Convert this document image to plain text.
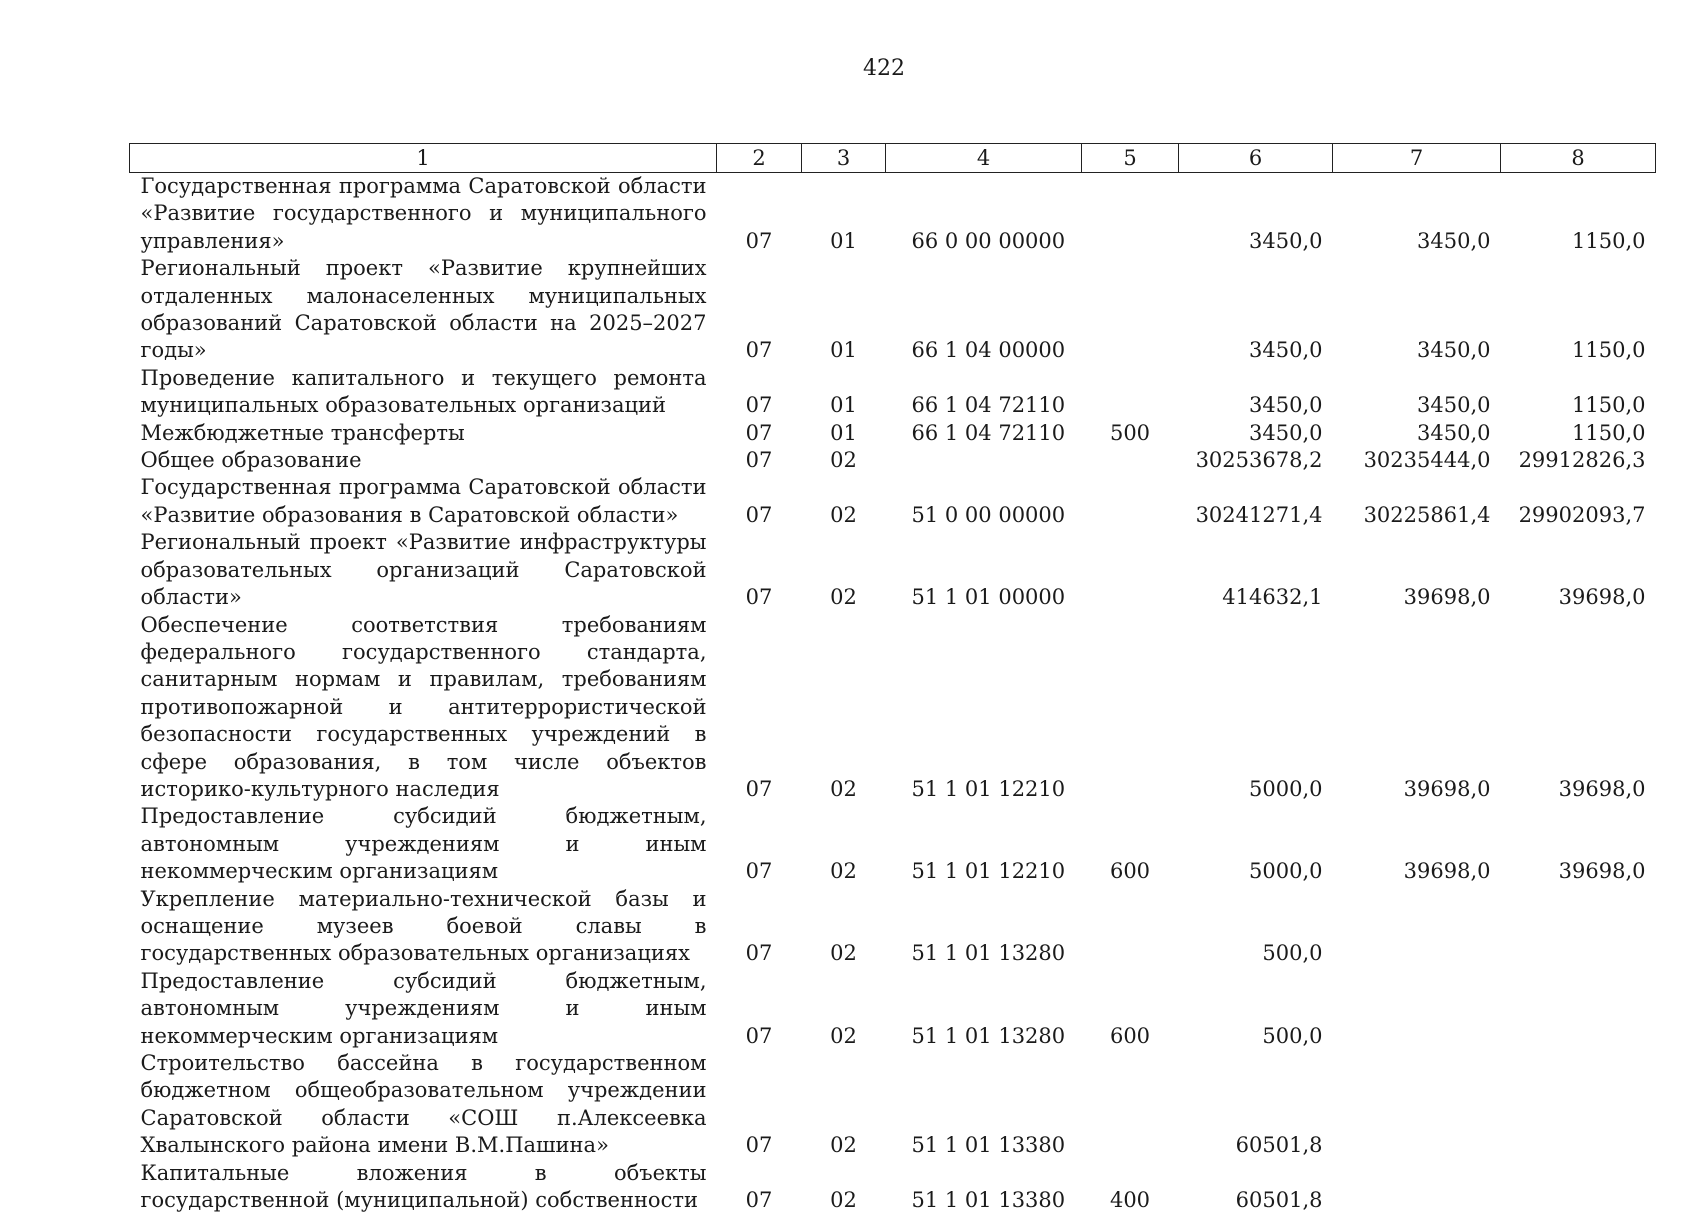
422
1	2	3	4	5	6	7	8
Государственная программа Саратовской области «Развитие государственного и муниципального управления»	07	01	66 0 00 00000		3450,0	3450,0	1150,0
Региональный проект «Развитие крупнейших отдаленных малонаселенных муниципальных образований Саратовской области на 2025–2027 годы»	07	01	66 1 04 00000		3450,0	3450,0	1150,0
Проведение капитального и текущего ремонта муниципальных образовательных организаций	07	01	66 1 04 72110		3450,0	3450,0	1150,0
Межбюджетные трансферты	07	01	66 1 04 72110	500	3450,0	3450,0	1150,0
Общее образование	07	02			30253678,2	30235444,0	29912826,3
Государственная программа Саратовской области «Развитие образования в Саратовской области»	07	02	51 0 00 00000		30241271,4	30225861,4	29902093,7
Региональный проект «Развитие инфраструктуры образовательных организаций Саратовской области»	07	02	51 1 01 00000		414632,1	39698,0	39698,0
Обеспечение соответствия требованиям федерального государственного стандарта, санитарным нормам и правилам, требованиям противопожарной и антитеррористической безопасности государственных учреждений в сфере образования, в том числе объектов историко-культурного наследия	07	02	51 1 01 12210		5000,0	39698,0	39698,0
Предоставление субсидий бюджетным, автономным учреждениям и иным некоммерческим организациям	07	02	51 1 01 12210	600	5000,0	39698,0	39698,0
Укрепление материально-технической базы и оснащение музеев боевой славы в государственных образовательных организациях	07	02	51 1 01 13280		500,0		
Предоставление субсидий бюджетным, автономным учреждениям и иным некоммерческим организациям	07	02	51 1 01 13280	600	500,0		
Строительство бассейна в государственном бюджетном общеобразовательном учреждении Саратовской области «СОШ п.Алексеевка Хвалынского района имени В.М.Пашина»	07	02	51 1 01 13380		60501,8		
Капитальные вложения в объекты государственной (муниципальной) собственности	07	02	51 1 01 13380	400	60501,8		
